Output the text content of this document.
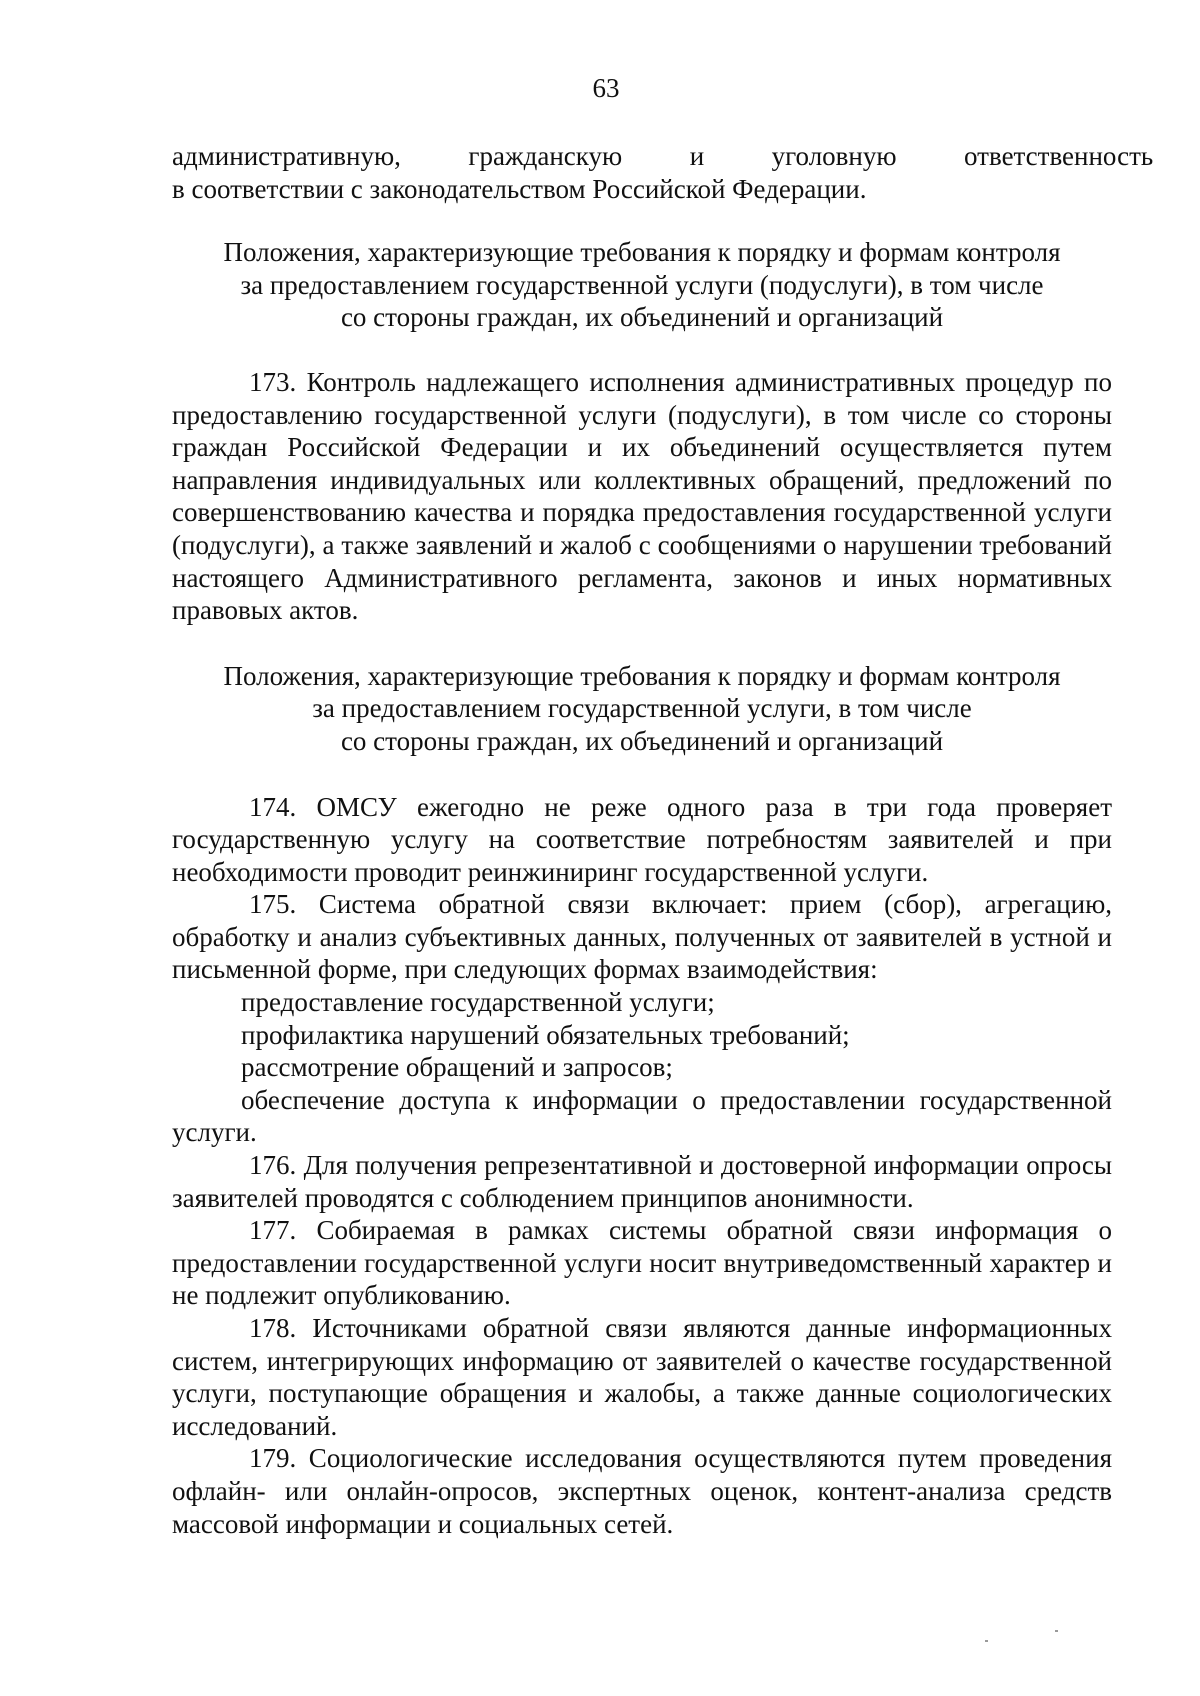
63

административную,          гражданскую          и          уголовную          ответственность
в соответствии с законодательством Российской Федерации.

Положения, характеризующие требования к порядку и формам контроля
за предоставлением государственной услуги (подуслуги), в том числе
со стороны граждан, их объединений и организаций

173. Контроль надлежащего исполнения административных процедур по предоставлению государственной услуги (подуслуги), в том числе со стороны граждан Российской Федерации и их объединений осуществляется путем направления индивидуальных или коллективных обращений, предложений по совершенствованию качества и порядка предоставления государственной услуги (подуслуги), а также заявлений и жалоб с сообщениями о нарушении требований настоящего Административного регламента, законов и иных нормативных правовых актов.

Положения, характеризующие требования к порядку и формам контроля
за предоставлением государственной услуги, в том числе
со стороны граждан, их объединений и организаций

174. ОМСУ ежегодно не реже одного раза в три года проверяет государственную услугу на соответствие потребностям заявителей и при необходимости проводит реинжиниринг государственной услуги.

175. Система обратной связи включает: прием (сбор), агрегацию, обработку и анализ субъективных данных, полученных от заявителей в устной и письменной форме, при следующих формах взаимодействия:

предоставление государственной услуги;

профилактика нарушений обязательных требований;

рассмотрение обращений и запросов;

обеспечение доступа к информации о предоставлении государственной услуги.

176. Для получения репрезентативной и достоверной информации опросы заявителей проводятся с соблюдением принципов анонимности.

177. Собираемая в рамках системы обратной связи информация о предоставлении государственной услуги носит внутриведомственный характер и не подлежит опубликованию.

178. Источниками обратной связи являются данные информационных систем, интегрирующих информацию от заявителей о качестве государственной услуги, поступающие обращения и жалобы, а также данные социологических исследований.

179. Социологические исследования осуществляются путем проведения офлайн- или онлайн-опросов, экспертных оценок, контент-анализа средств массовой информации и социальных сетей.
